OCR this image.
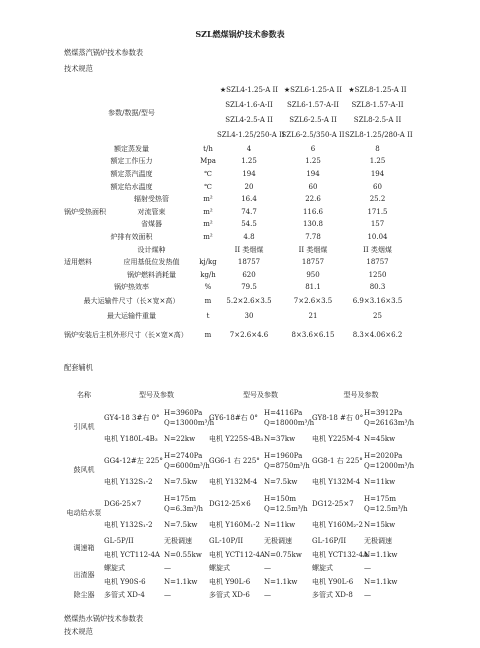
SZL燃煤锅炉技术参数表
燃煤蒸汽锅炉技术参数表
技术规范
参数/数据/型号			★SZL4-1.25-A II	★SZL6-1.25-A II	★SZL8-1.25-A II
			SZL4-1.6-A-II	SZL6-1.57-A-II	SZL8-1.57-A-II
			SZL4-2.5-A II	SZL6-2.5-A II	SZL8-2.5-A II
			SZL4-1.25/250-A II	SZL6-2.5/350-A II	SZL8-1.25/280-A II
额定蒸发量		t/h	4	6	8
额定工作压力		Mpa	1.25	1.25	1.25
额定蒸汽温度		℃	194	194	194
额定给水温度		℃	20	60	60
锅炉受热面积	辐射受热管	m²	16.4	22.6	25.2
	对流管束	m²	74.7	116.6	171.5
	省煤器	m²	54.5	130.8	157
炉排有效面积		m²	4.8	7.78	10.04
适用燃料	设计煤种		II 类烟煤	II 类烟煤	II 类烟煤
	应用基低位发热值	kj/kg	18757	18757	18757
	锅炉燃料消耗量	kg/h	620	950	1250
锅炉热效率		%	79.5	81.1	80.3
最大运输件尺寸（长×宽×高）		m	5.2×2.6×3.5	7×2.6×3.5	6.9×3.16×3.5
最大运输件重量		t	30	21	25
锅炉安装后主机外形尺寸（长×宽×高）		m	7×2.6×4.6	8×3.6×6.15	8.3×4.06×6.2
配套辅机
名称	型号及参数		型号及参数		型号及参数	
引风机	GY4-18 3#右 0°	H=3960Pa Q=13000m³/h	GY6-18#右 0°	H=4116Pa Q=18000m³/h	GY8-18 #右 0°	H=3912Pa Q=26163m³/h
	电机 Y180L-4B₃	N=22kw	电机 Y225S-4B₃	N=37kw	电机 Y225M-4	N=45kw
鼓风机	GG4-12#左 225°	H=2740Pa Q=6000m³/h	GG6-1 右 225°	H=1960Pa Q=8750m³/h	GG8-1 右 225°	H=2020Pa Q=12000m³/h
	电机 Y132S₁-2	N=7.5kw	电机 Y132M-4	N=7.5kw	电机 Y132M-4	N=11kw
电动给水泵	DG6-25×7	H=175m Q=6.3m³/h	DG12-25×6	H=150m Q=12.5m³/h	DG12-25×7	H=175m Q=12.5m³/h
	电机 Y132S₁-2	N=7.5kw	电机 Y160M₁-2	N=11kw	电机 Y160M₂-2	N=15kw
调速箱	GL-5P/II	无极调速	GL-10P/II	无极调速	GL-16P/II	无极调速
	电机 YCT112-4A	N=0.55kw	电机 YCT112-4A	N=0.75kw	电机 YCT132-4A	N=1.1kw
出渣器	螺旋式	—	螺旋式	—	螺旋式	—
	电机 Y90S-6	N=1.1kw	电机 Y90L-6	N=1.1kw	电机 Y90L-6	N=1.1kw
除尘器	多管式 XD-4	—	多管式 XD-6	—	多管式 XD-8	—
燃煤热水锅炉技术参数表
技术规范
